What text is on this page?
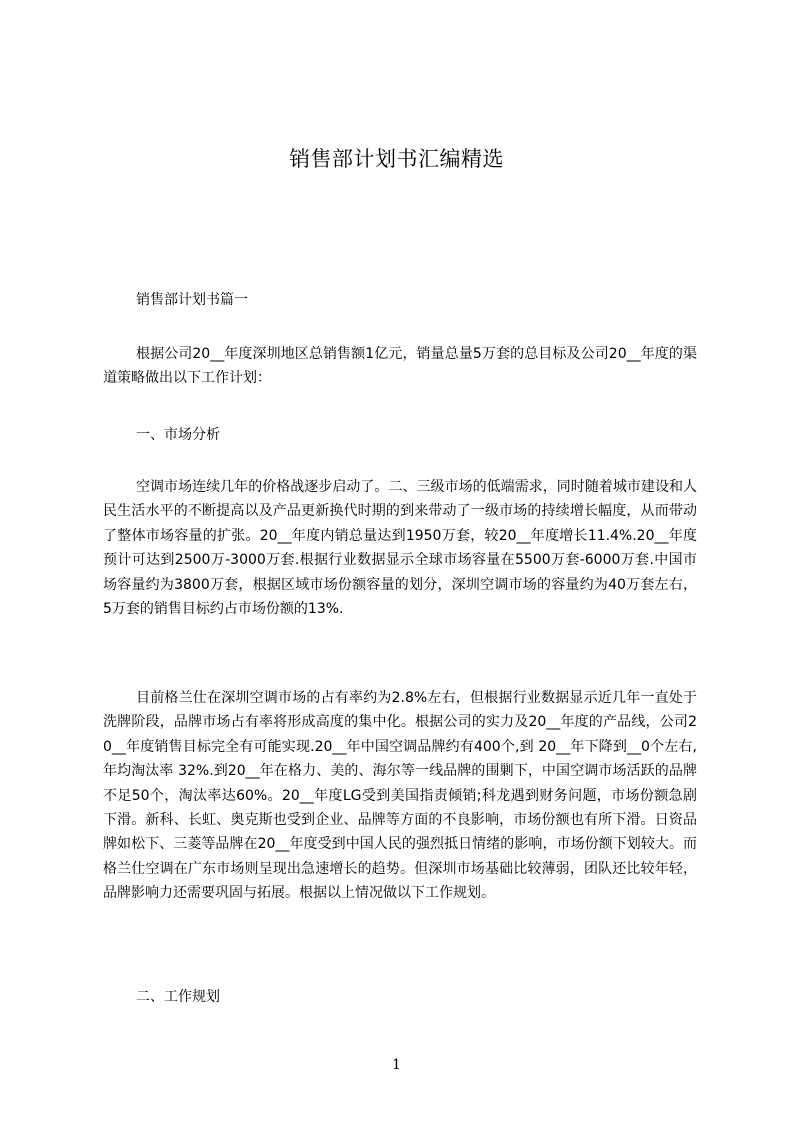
销售部计划书汇编精选
销售部计划书篇一

根据公司20__年度深圳地区总销售额1亿元，销量总量5万套的总目标及公司20__年度的渠道策略做出以下工作计划：

一、市场分析

空调市场连续几年的价格战逐步启动了。二、三级市场的低端需求，同时随着城市建设和人民生活水平的不断提高以及产品更新换代时期的到来带动了一级市场的持续增长幅度，从而带动了整体市场容量的扩张。20__年度内销总量达到1950万套，较20__年度增长11.4%.20__年度预计可达到2500万-3000万套.根据行业数据显示全球市场容量在5500万套-6000万套.中国市场容量约为3800万套，根据区域市场份额容量的划分，深圳空调市场的容量约为40万套左右，5万套的销售目标约占市场份额的13%.

目前格兰仕在深圳空调市场的占有率约为2.8%左右，但根据行业数据显示近几年一直处于洗牌阶段，品牌市场占有率将形成高度的集中化。根据公司的实力及20__年度的产品线，公司20__年度销售目标完全有可能实现.20__年中国空调品牌约有400个,到 20__年下降到__0个左右,年均淘汰率 32%.到20__年在格力、美的、海尔等一线品牌的围剿下，中国空调市场活跃的品牌不足50个，淘汰率达60%。20__年度LG受到美国指责倾销;科龙遇到财务问题，市场份额急剧下滑。新科、长虹、奥克斯也受到企业、品牌等方面的不良影响，市场份额也有所下滑。日资品牌如松下、三菱等品牌在20__年度受到中国人民的强烈抵日情绪的影响，市场份额下划较大。而格兰仕空调在广东市场则呈现出急速增长的趋势。但深圳市场基础比较薄弱，团队还比较年轻，品牌影响力还需要巩固与拓展。根据以上情况做以下工作规划。

二、工作规划
1
